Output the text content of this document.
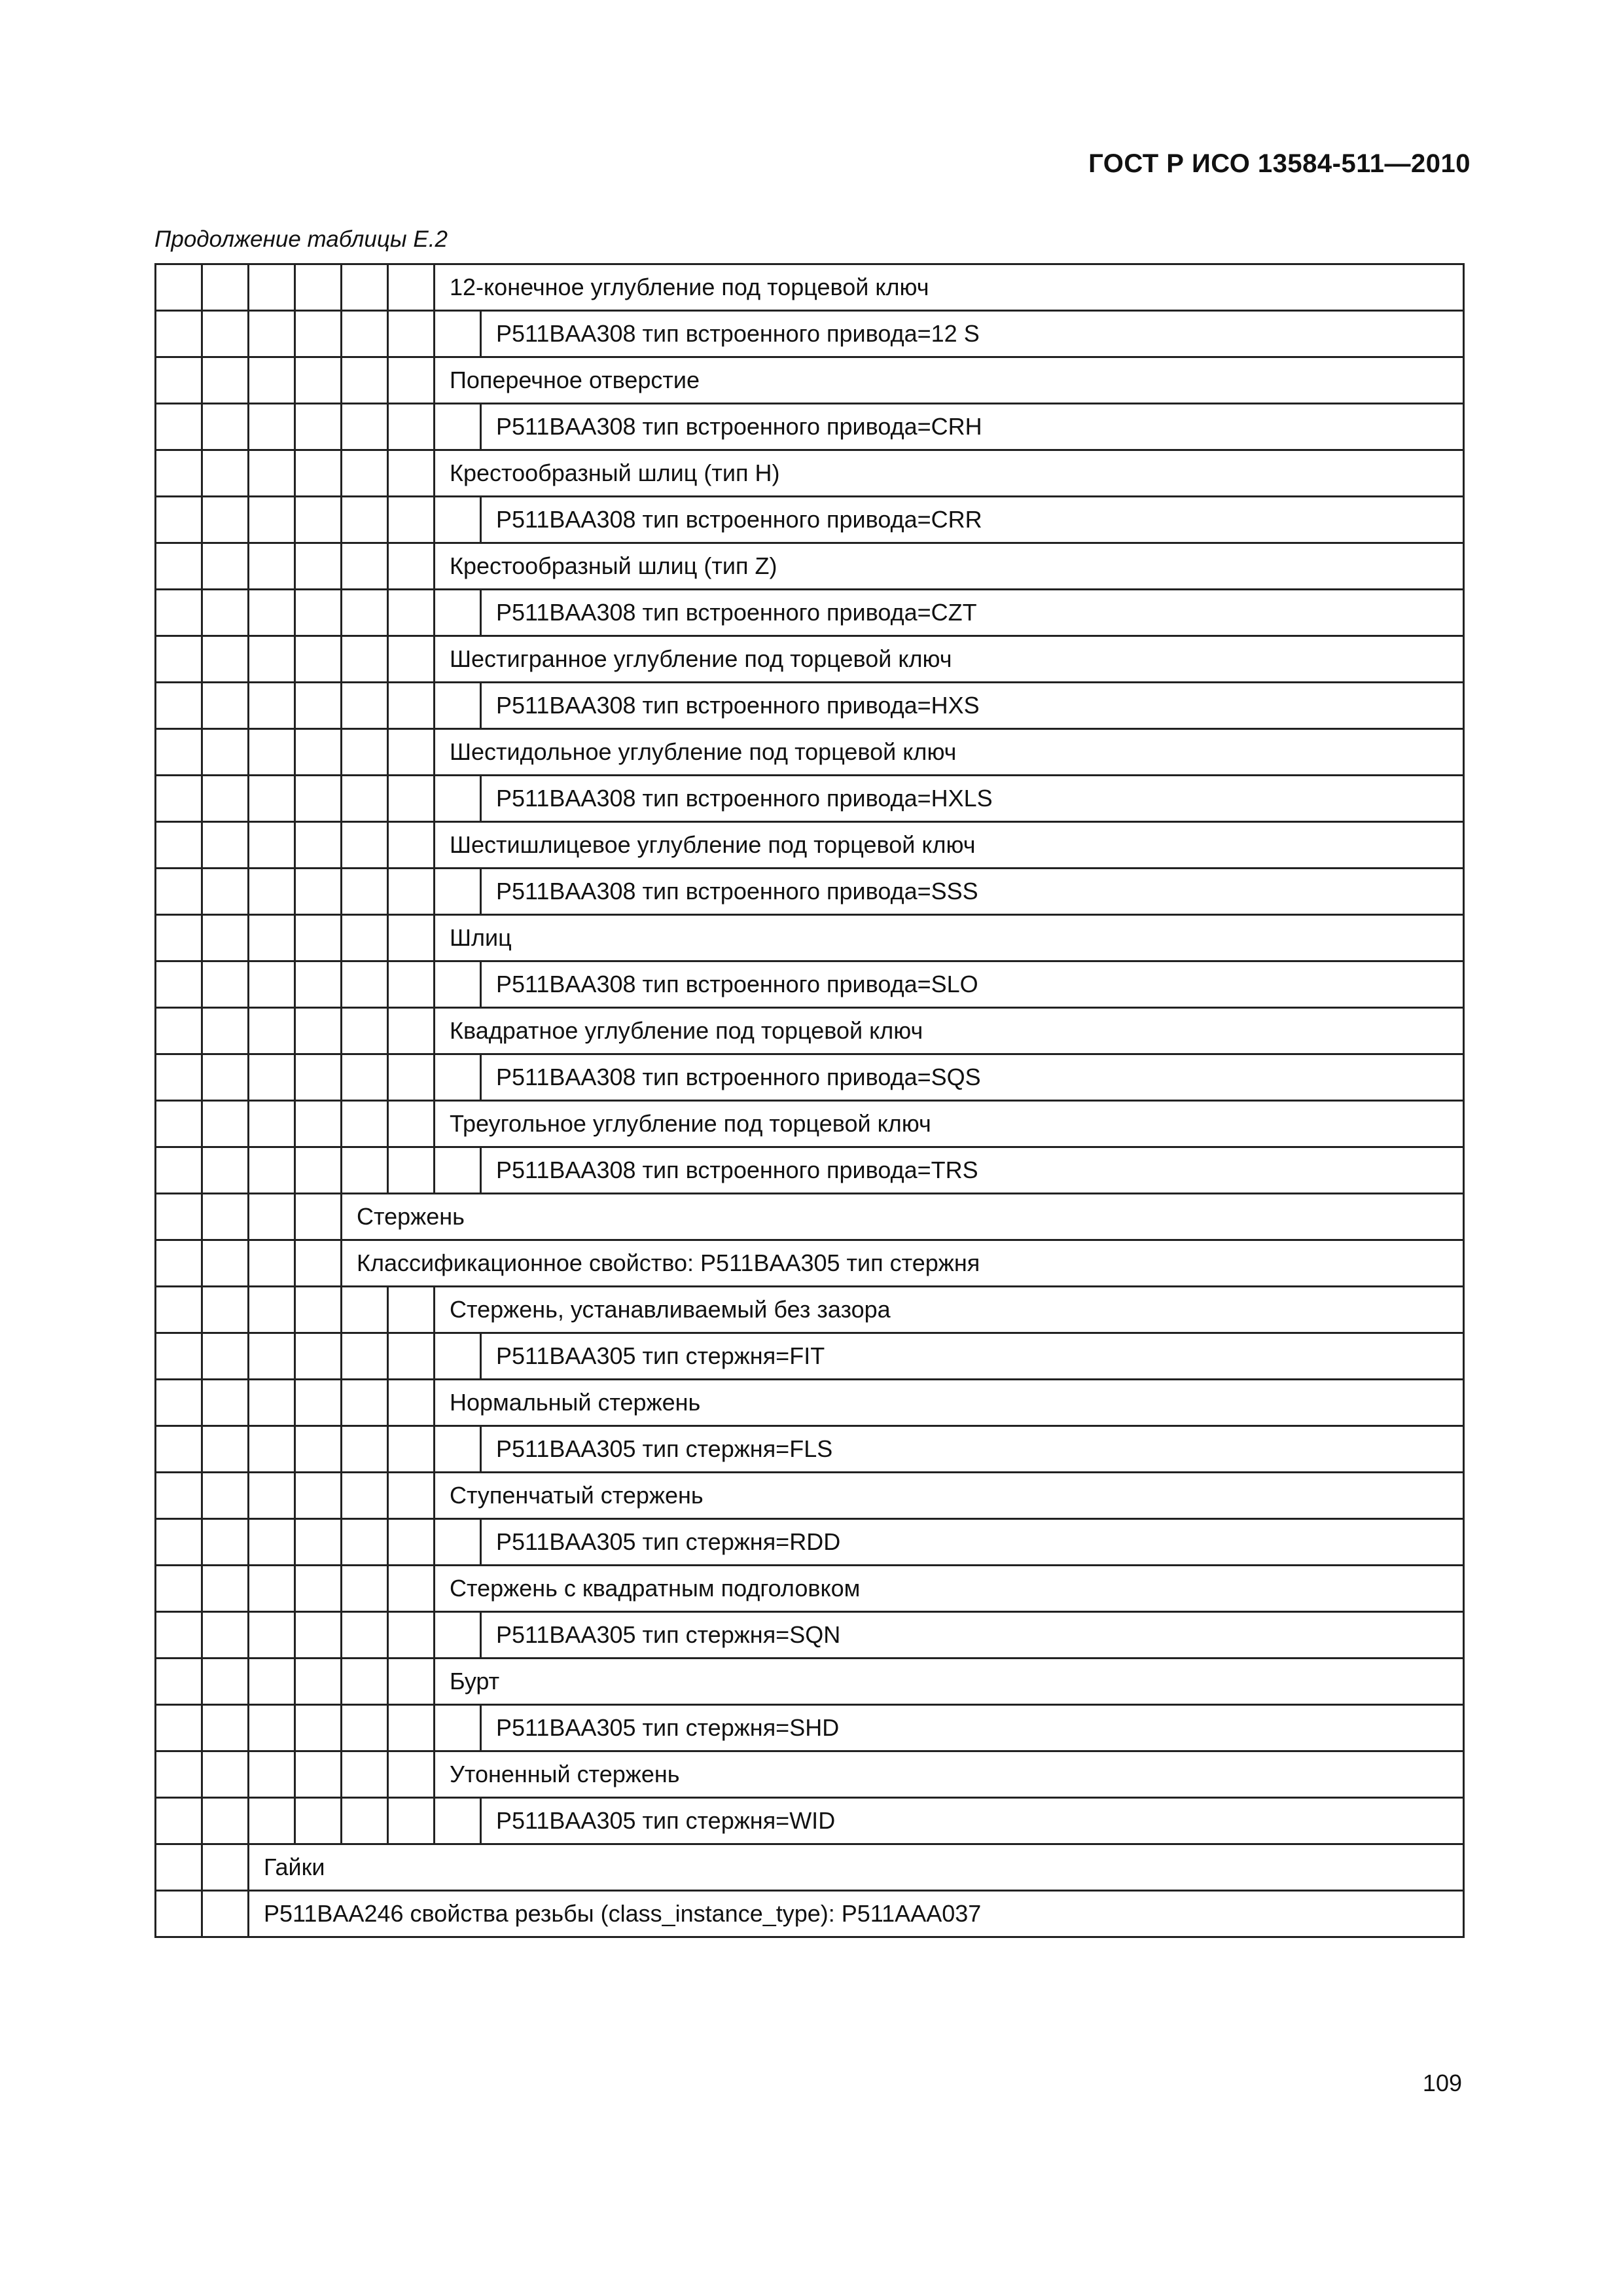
ГОСТ Р ИСО 13584-511—2010
Продолжение таблицы Е.2
						12-конечное углубление под торцевой ключ	
							P511BAA308 тип встроенного привода=12 S
						Поперечное отверстие	
							P511BAA308 тип встроенного привода=CRH
						Крестообразный шлиц (тип H)	
							P511BAA308 тип встроенного привода=CRR
						Крестообразный шлиц (тип Z)	
							P511BAA308 тип встроенного привода=CZT
						Шестигранное углубление под торцевой ключ	
							P511BAA308 тип встроенного привода=HXS
						Шестидольное углубление под торцевой ключ	
							P511BAA308 тип встроенного привода=HXLS
						Шестишлицевое углубление под торцевой ключ	
							P511BAA308 тип встроенного привода=SSS
						Шлиц	
							P511BAA308 тип встроенного привода=SLO
						Квадратное углубление под торцевой ключ	
							P511BAA308 тип встроенного привода=SQS
						Треугольное углубление под торцевой ключ	
							P511BAA308 тип встроенного привода=TRS
				Стержень			
				Классификационное свойство: P511BAA305 тип стержня			
						Стержень, устанавливаемый без зазора	
							P511BAA305 тип стержня=FIT
						Нормальный стержень	
							P511BAA305 тип стержня=FLS
						Ступенчатый стержень	
							P511BAA305 тип стержня=RDD
						Стержень с квадратным подголовком	
							P511BAA305 тип стержня=SQN
						Бурт	
							P511BAA305 тип стержня=SHD
						Утоненный стержень	
							P511BAA305 тип стержня=WID
		Гайки					
		P511BAA246 свойства резьбы (class_instance_type): P511AAA037					
109
